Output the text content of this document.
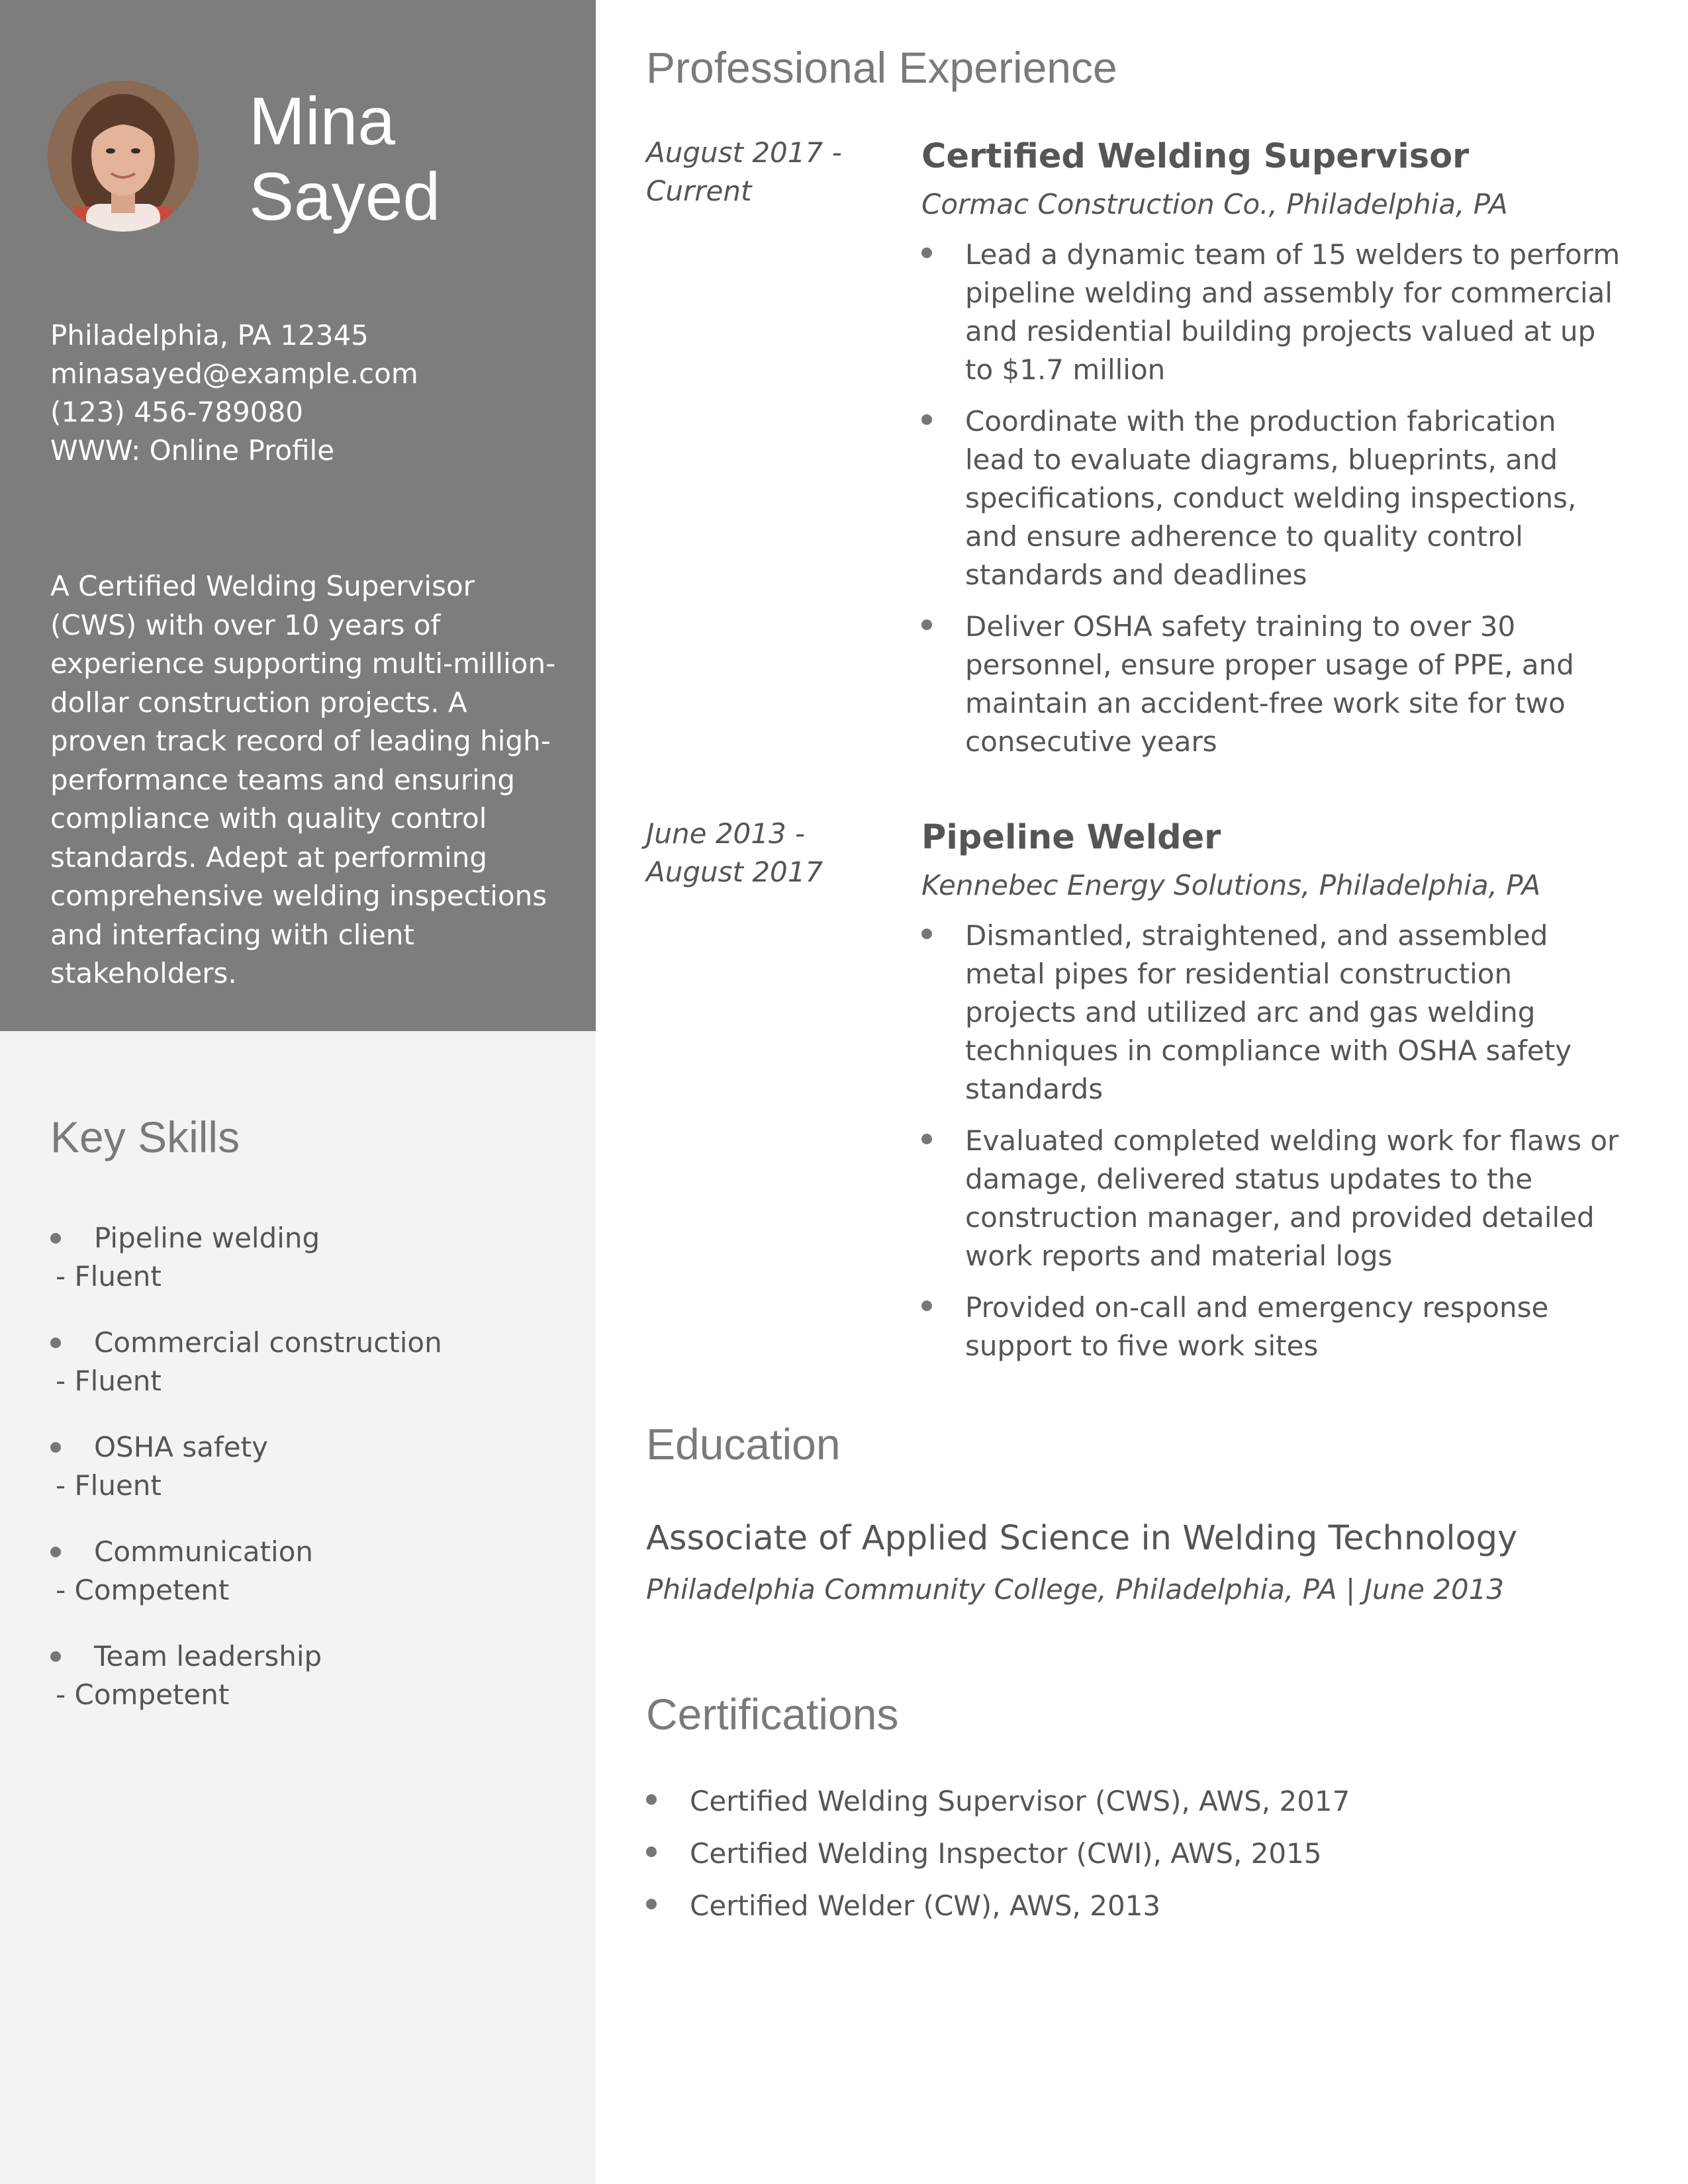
Mina
Sayed
Philadelphia, PA 12345
minasayed@example.com
(123) 456-789080
WWW: Online Profile
A Certified Welding Supervisor (CWS) with over 10 years of experience supporting multi-million-dollar construction projects. A proven track record of leading high-performance teams and ensuring compliance with quality control standards. Adept at performing comprehensive welding inspections and interfacing with client stakeholders.
Key Skills
Pipeline welding
- Fluent
Commercial construction
- Fluent
OSHA safety
- Fluent
Communication
- Competent
Team leadership
- Competent
Professional Experience
August 2017 -
Current
Certified Welding Supervisor
Cormac Construction Co., Philadelphia, PA
Lead a dynamic team of 15 welders to perform pipeline welding and assembly for commercial and residential building projects valued at up to $1.7 million
Coordinate with the production fabrication lead to evaluate diagrams, blueprints, and specifications, conduct welding inspections, and ensure adherence to quality control standards and deadlines
Deliver OSHA safety training to over 30 personnel, ensure proper usage of PPE, and maintain an accident-free work site for two consecutive years
June 2013 -
August 2017
Pipeline Welder
Kennebec Energy Solutions, Philadelphia, PA
Dismantled, straightened, and assembled metal pipes for residential construction projects and utilized arc and gas welding techniques in compliance with OSHA safety standards
Evaluated completed welding work for flaws or damage, delivered status updates to the construction manager, and provided detailed work reports and material logs
Provided on-call and emergency response support to five work sites
Education
Associate of Applied Science in Welding Technology
Philadelphia Community College, Philadelphia, PA | June 2013
Certifications
Certified Welding Supervisor (CWS), AWS, 2017
Certified Welding Inspector (CWI), AWS, 2015
Certified Welder (CW), AWS, 2013
